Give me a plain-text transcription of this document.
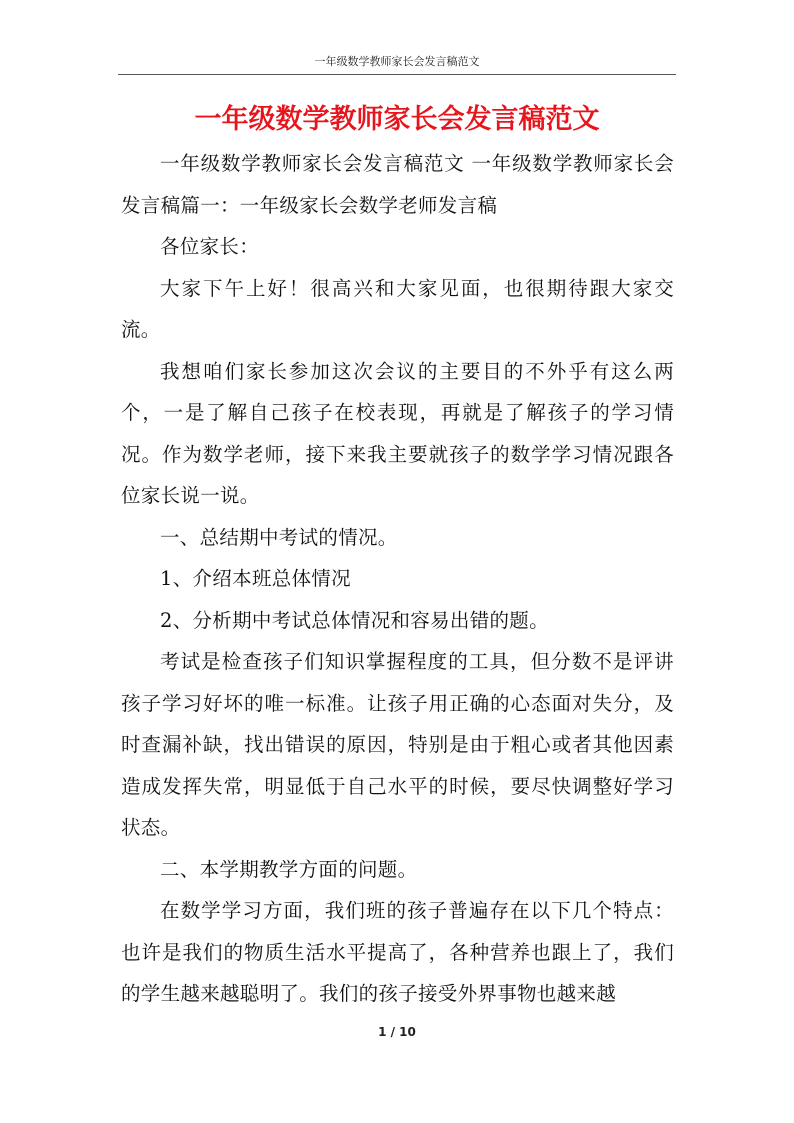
一年级数学教师家长会发言稿范文
一年级数学教师家长会发言稿范文

一年级数学教师家长会发言稿范文 一年级数学教师家长会发言稿篇一：一年级家长会数学老师发言稿

各位家长：

大家下午上好！很高兴和大家见面，也很期待跟大家交流。

我想咱们家长参加这次会议的主要目的不外乎有这么两个，一是了解自己孩子在校表现，再就是了解孩子的学习情况。作为数学老师，接下来我主要就孩子的数学学习情况跟各位家长说一说。

一、总结期中考试的情况。

1、介绍本班总体情况

2、分析期中考试总体情况和容易出错的题。

考试是检查孩子们知识掌握程度的工具，但分数不是评讲孩子学习好坏的唯一标准。让孩子用正确的心态面对失分，及时查漏补缺，找出错误的原因，特别是由于粗心或者其他因素造成发挥失常，明显低于自己水平的时候，要尽快调整好学习状态。

二、本学期教学方面的问题。

在数学学习方面，我们班的孩子普遍存在以下几个特点：也许是我们的物质生活水平提高了，各种营养也跟上了，我们的学生越来越聪明了。我们的孩子接受外界事物也越来越

1 / 10
